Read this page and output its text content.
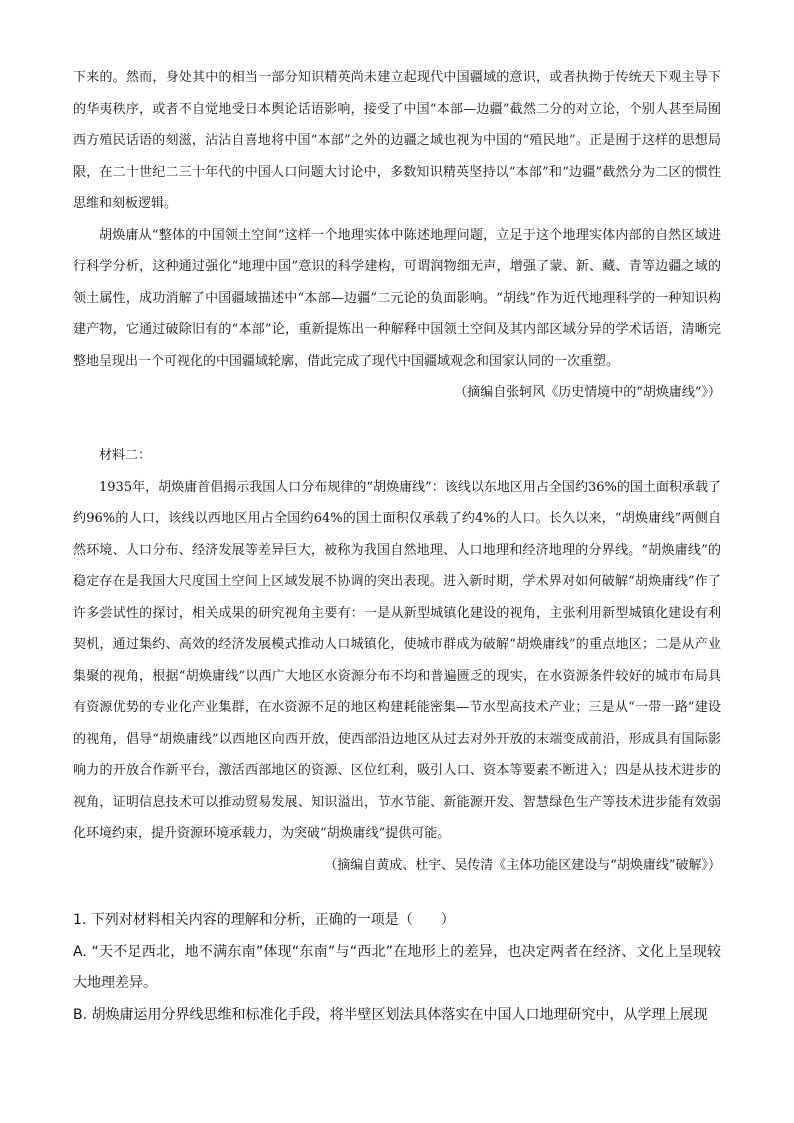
下来的。然而，身处其中的相当一部分知识精英尚未建立起现代中国疆域的意识，或者执拗于传统天下观主导下的华夷秩序，或者不自觉地受日本舆论话语影响，接受了中国“本部—边疆”截然二分的对立论，个别人甚至局囿西方殖民话语的刻滋，沾沾自喜地将中国“本部”之外的边疆之域也视为中国的“殖民地”。正是囿于这样的思想局限，在二十世纪二三十年代的中国人口问题大讨论中，多数知识精英坚持以“本部”和“边疆”截然分为二区的惯性思维和刻板逻辑。

胡焕庸从“整体的中国领土空间”这样一个地理实体中陈述地理问题，立足于这个地理实体内部的自然区域进行科学分析，这种通过强化“地理中国”意识的科学建构，可谓润物细无声，增强了蒙、新、藏、青等边疆之域的领土属性，成功消解了中国疆域描述中“本部—边疆”二元论的负面影响。“胡线”作为近代地理科学的一种知识构建产物，它通过破除旧有的“本部”论，重新提炼出一种解释中国领土空间及其内部区域分异的学术话语，清晰完整地呈现出一个可视化的中国疆域轮廓，借此完成了现代中国疆域观念和国家认同的一次重塑。

（摘编自张轲风《历史情境中的“胡焕庸线”》）

材料二：

1935年，胡焕庸首倡揭示我国人口分布规律的“胡焕庸线”：该线以东地区用占全国约36%的国土面积承载了约96%的人口，该线以西地区用占全国约64%的国土面积仅承载了约4%的人口。长久以来，“胡焕庸线”两侧自然环境、人口分布、经济发展等差异巨大，被称为我国自然地理、人口地理和经济地理的分界线。“胡焕庸线”的稳定存在是我国大尺度国土空间上区域发展不协调的突出表现。进入新时期，学术界对如何破解“胡焕庸线”作了许多尝试性的探讨，相关成果的研究视角主要有：一是从新型城镇化建设的视角，主张利用新型城镇化建设有利契机，通过集约、高效的经济发展模式推动人口城镇化，使城市群成为破解“胡焕庸线”的重点地区；二是从产业集聚的视角，根据“胡焕庸线”以西广大地区水资源分布不均和普遍匮乏的现实，在水资源条件较好的城市布局具有资源优势的专业化产业集群，在水资源不足的地区构建耗能密集—节水型高技术产业；三是从“一带一路”建设的视角，倡导“胡焕庸线”以西地区向西开放，使西部沿边地区从过去对外开放的末端变成前沿，形成具有国际影响力的开放合作新平台，激活西部地区的资源、区位红利，吸引人口、资本等要素不断进入；四是从技术进步的视角，证明信息技术可以推动贸易发展、知识溢出，节水节能、新能源开发、智慧绿色生产等技术进步能有效弱化环境约束，提升资源环境承载力，为突破“胡焕庸线”提供可能。

（摘编自黄成、杜宇、吴传清《主体功能区建设与“胡焕庸线”破解》）

1. 下列对材料相关内容的理解和分析，正确的一项是（　　）

A. “天不足西北，地不满东南”体现“东南”与“西北”在地形上的差异，也决定两者在经济、文化上呈现较大地理差异。

B. 胡焕庸运用分界线思维和标准化手段，将半壁区划法具体落实在中国人口地理研究中，从学理上展现
